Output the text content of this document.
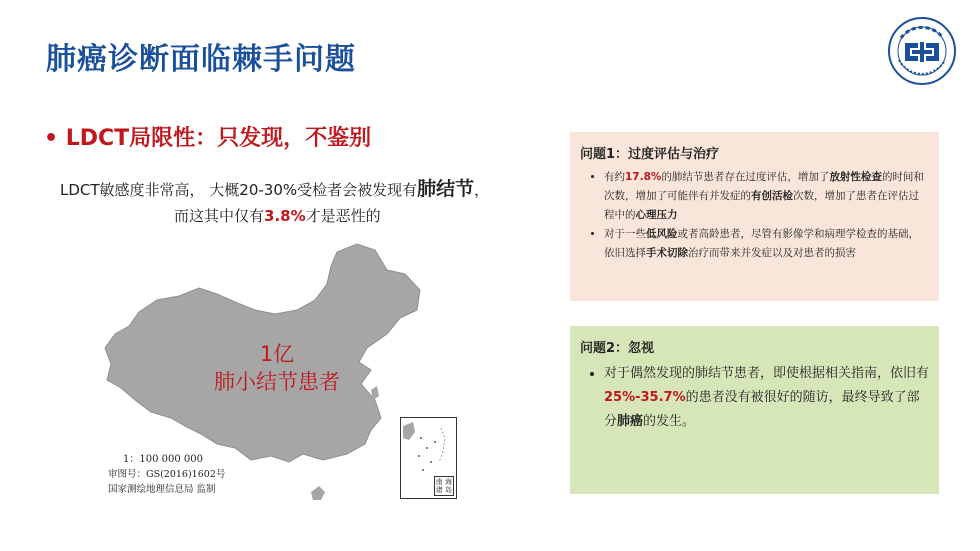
肺癌诊断面临棘手问题
• LDCT局限性：只发现，不鉴别
LDCT敏感度非常高， 大概20-30%受检者会被发现有肺结节，
而这其中仅有3.8%才是恶性的
1亿
肺小结节患者
1：100 000 000
审图号：GS(2016)1602号
国家测绘地理信息局 监制
南 海
诸 岛
问题1：过度评估与治疗
• 有约17.8%的肺结节患者存在过度评估，增加了放射性检查的时间和次数，增加了可能伴有并发症的有创活检次数，增加了患者在评估过程中的心理压力
• 对于一些低风险或者高龄患者，尽管有影像学和病理学检查的基础，依旧选择手术切除治疗而带来并发症以及对患者的损害
问题2：忽视
• 对于偶然发现的肺结节患者，即使根据相关指南，依旧有25%-35.7%的患者没有被很好的随访，最终导致了部分肺癌的发生。
